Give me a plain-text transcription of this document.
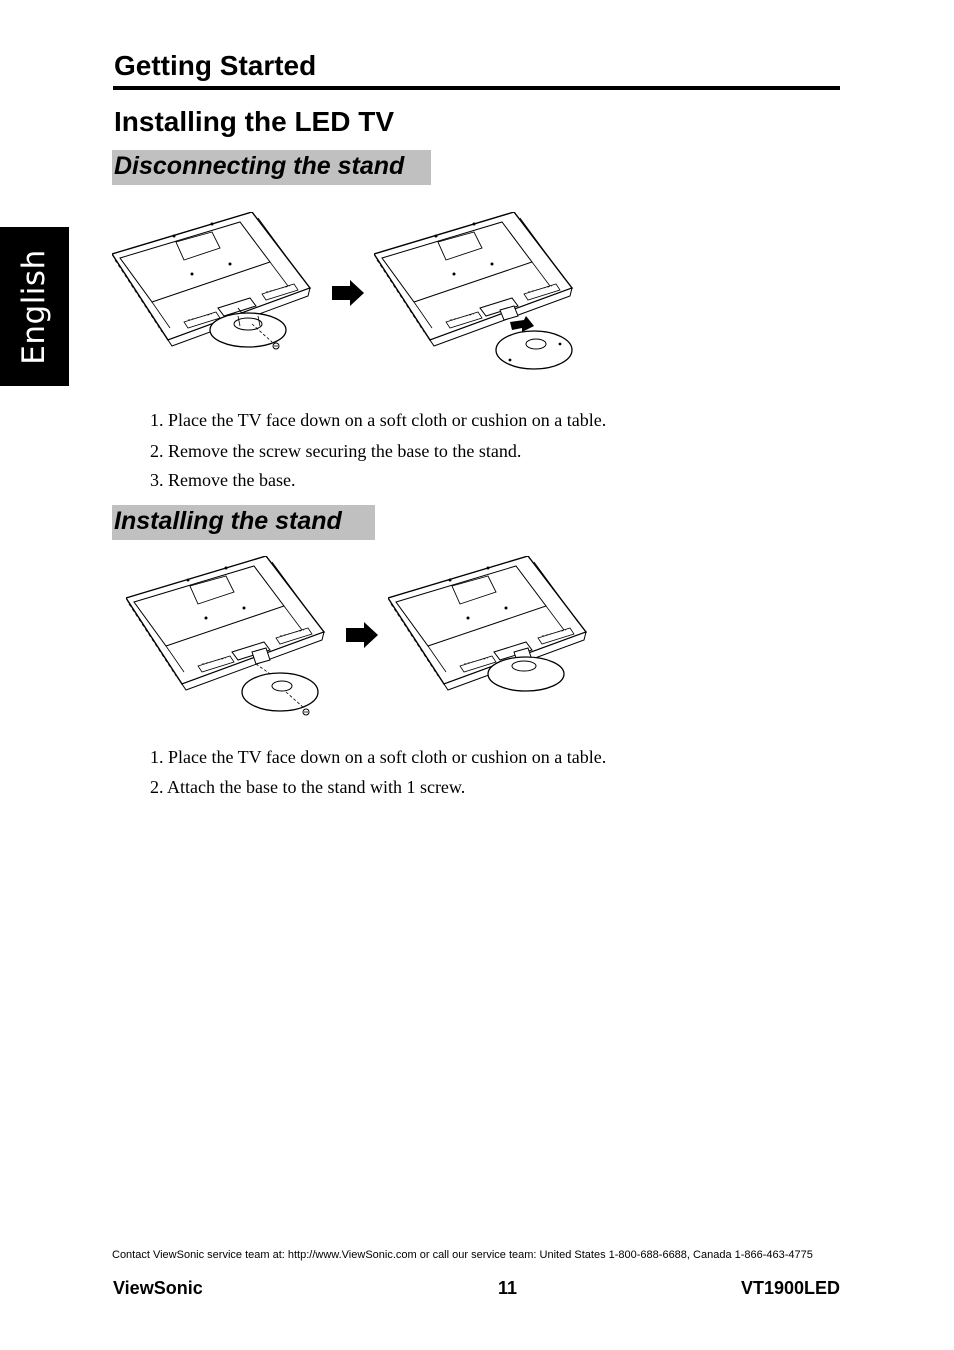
English
Getting Started
Installing the LED TV
Disconnecting the stand
1. Place the TV face down on a soft cloth or cushion on a table.
2. Remove the screw securing the base to the stand.
3. Remove the base.
Installing the stand
1. Place the TV face down on a soft cloth or cushion on a table.
2. Attach the base to the stand with 1 screw.
Contact ViewSonic service team at: http://www.ViewSonic.com or call our service team: United States 1-800-688-6688, Canada 1-866-463-4775
ViewSonic	11	VT1900LED
